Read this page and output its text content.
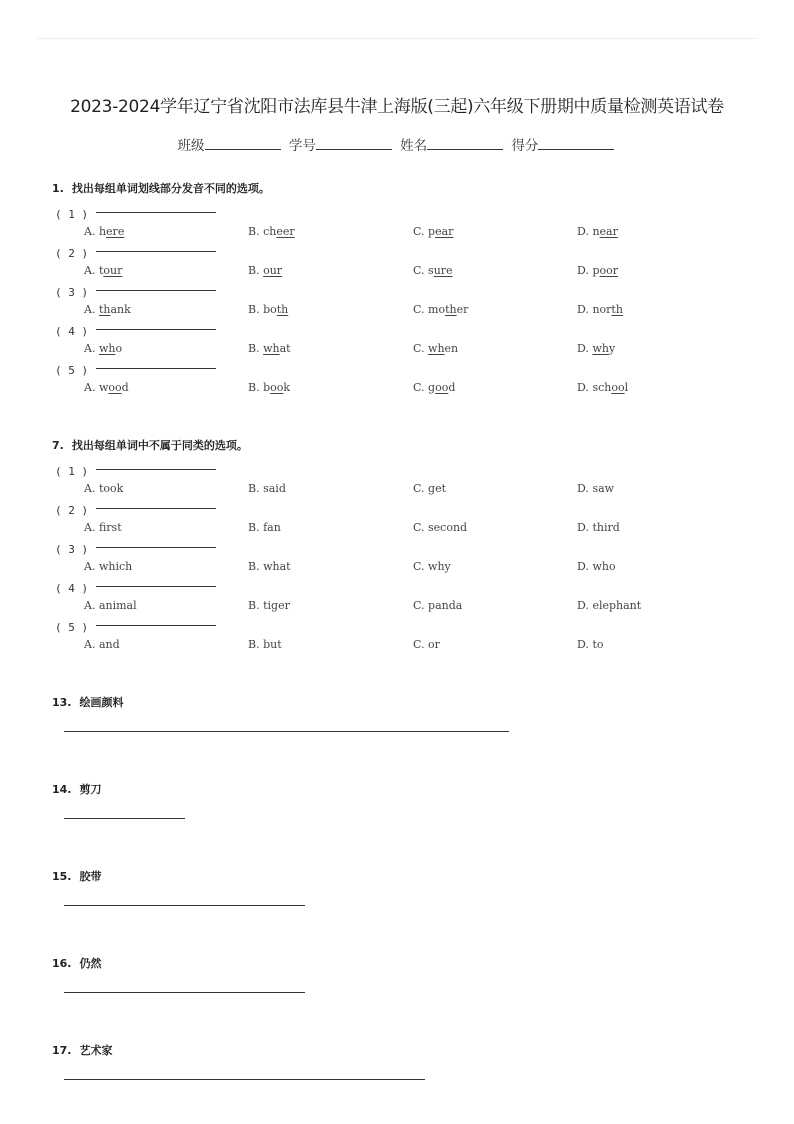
2023-2024学年辽宁省沈阳市法库县牛津上海版(三起)六年级下册期中质量检测英语试卷
班级	学号	姓名	得分
1. 找出每组单词划线部分发音不同的选项。
( 1 )
A. here	B. cheer	C. pear	D. near
( 2 )
A. tour	B. our	C. sure	D. poor
( 3 )
A. thank	B. both	C. mother	D. north
( 4 )
A. who	B. what	C. when	D. why
( 5 )
A. wood	B. book	C. good	D. school
7. 找出每组单词中不属于同类的选项。
( 1 )
A. took	B. said	C. get	D. saw
( 2 )
A. first	B. fan	C. second	D. third
( 3 )
A. which	B. what	C. why	D. who
( 4 )
A. animal	B. tiger	C. panda	D. elephant
( 5 )
A. and	B. but	C. or	D. to
13. 绘画颜料
14. 剪刀
15. 胶带
16. 仍然
17. 艺术家
